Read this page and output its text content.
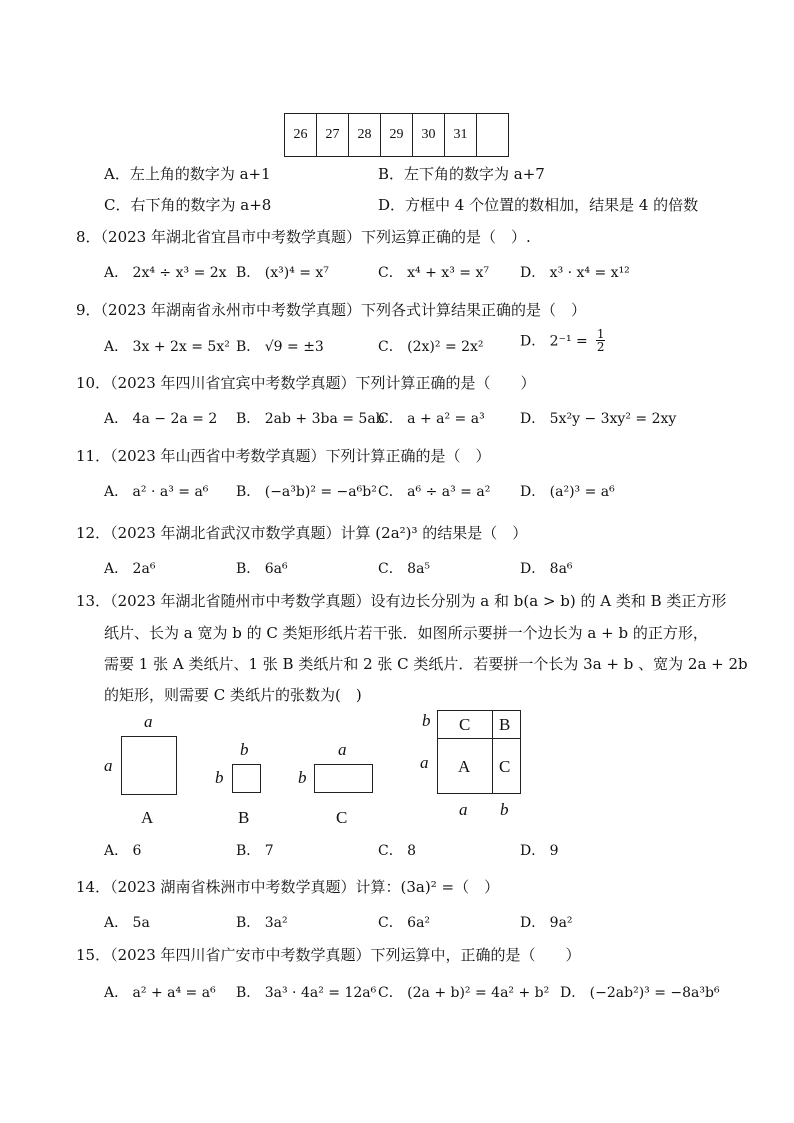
26	27	28	29	30	31
A．左上角的数字为 a+1	B．左下角的数字为 a+7
C．右下角的数字为 a+8	D．方框中 4 个位置的数相加，结果是 4 的倍数
8．（2023 年湖北省宜昌市中考数学真题）下列运算正确的是（　）.
A． 2x⁴ ÷ x³ = 2x B． (x³)⁴ = x⁷	C． x⁴ + x³ = x⁷ D． x³ · x⁴ = x¹²
9．（2023 年湖南省永州市中考数学真题）下列各式计算结果正确的是（　）
A． 3x + 2x = 5x² B． √9 = ±3	C． (2x)² = 2x²	D． $2^{-1} = \frac{1}{2}$
10．（2023 年四川省宜宾中考数学真题）下列计算正确的是（　　）
A． 4a − 2a = 2 B． 2ab + 3ba = 5ab
C． a + a² = a³	D． 5x²y − 3xy² = 2xy
11．（2023 年山西省中考数学真题）下列计算正确的是（　）
A． a² · a³ = a⁶ B． (−a³b)² = −a⁶b² C． a⁶ ÷ a³ = a² D． (a²)³ = a⁶
12．（2023 年湖北省武汉市数学真题）计算 (2a²)³ 的结果是（　）
A． 2a⁶	B． 6a⁶	C． 8a⁵	D． 8a⁶
13．（2023 年湖北省随州市中考数学真题）设有边长分别为 a 和 b(a > b) 的 A 类和 B 类正方形
纸片、长为 a 宽为 b 的 C 类矩形纸片若干张．如图所示要拼一个边长为 a + b 的正方形，
需要 1 张 A 类纸片、1 张 B 类纸片和 2 张 C 类纸片．若要拼一个长为 3a + b 、宽为 2a + 2b
的矩形，则需要 C 类纸片的张数为(　)
a
a
A
b
b
B
a
b
C
C B
A C
b
a
a b
A． 6	B． 7	C． 8	D． 9
14．（2023 湖南省株洲市中考数学真题）计算：(3a)² =（　）
A． 5a	B． 3a²	C． 6a²	D． 9a²
15．（2023 年四川省广安市中考数学真题）下列运算中，正确的是（　　）
A． a² + a⁴ = a⁶ B． 3a³ · 4a² = 12a⁶ C． (2a + b)² = 4a² + b² D． (−2ab²)³ = −8a³b⁶
